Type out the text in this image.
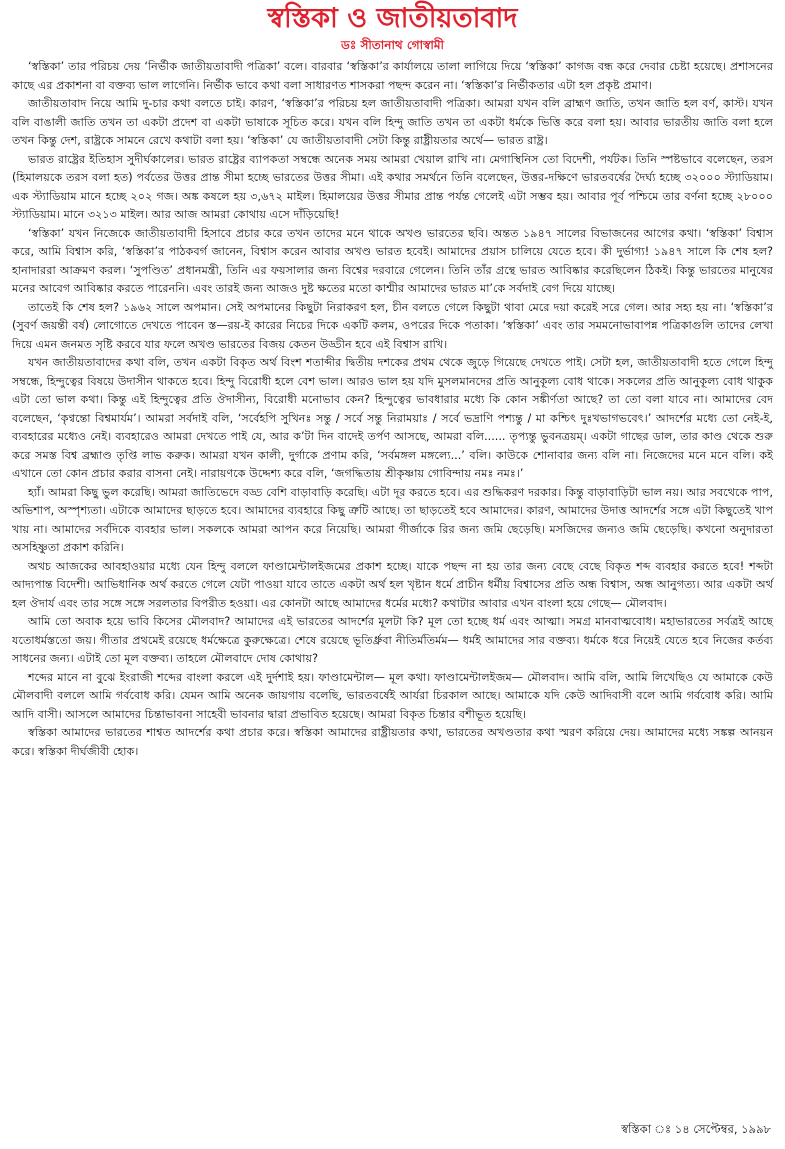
স্বস্তিকা ও জাতীয়তাবাদ
ডঃ সীতানাথ গোস্বামী

‘স্বস্তিকা’ তার পরিচয় দেয় ‘নির্ভীক জাতীয়তাবাদী পত্রিকা’ বলে। বারবার ‘স্বস্তিকা’র কার্যালয়ে তালা লাগিয়ে দিয়ে ‘স্বস্তিকা’ কাগজ বন্ধ করে দেবার চেষ্টা হয়েছে। প্রশাসনের কাছে এর প্রকাশনা বা বক্তব্য ভাল লাগেনি। নির্ভীক ভাবে কথা বলা সাধারণত শাসকরা পছন্দ করেন না। ‘স্বস্তিকা’র নির্ভীকতার এটা হল প্রকৃষ্ট প্রমাণ।

জাতীয়তাবাদ নিয়ে আমি দু-চার কথা বলতে চাই। কারণ, ‘স্বস্তিকা’র পরিচয় হল জাতীয়তাবাদী পত্রিকা। আমরা যখন বলি ব্রাহ্মণ জাতি, তখন জাতি হল বর্ণ, কাস্ট। যখন বলি বাঙালী জাতি তখন তা একটা প্রদেশ বা একটা ভাষাকে সূচিত করে। যখন বলি হিন্দু জাতি তখন তা একটা ধর্মকে ভিত্তি করে বলা হয়। আবার ভারতীয় জাতি বলা হলে তখন কিন্তু দেশ, রাষ্ট্রকে সামনে রেখে কথাটা বলা হয়। ‘স্বস্তিকা’ যে জাতীয়তাবাদী সেটা কিন্তু রাষ্ট্রীয়তার অর্থে— ভারত রাষ্ট্র।

ভারত রাষ্ট্রের ইতিহাস সুদীর্ঘকালের। ভারত রাষ্ট্রের ব্যাপকতা সম্বন্ধে অনেক সময় আমরা খেয়াল রাখি না। মেগাস্থিনিস তো বিদেশী, পর্যটক। তিনি স্পষ্টভাবে বলেছেন, তরস (হিমালয়কে তরস বলা হত) পর্বতের উত্তর প্রান্ত সীমা হচ্ছে ভারতের উত্তর সীমা। এই কথার সমর্থনে তিনি বলেছেন, উত্তর-দক্ষিণে ভারতবর্ষের দৈর্ঘ্য হচ্ছে ৩২০০০ স্ট্যাডিয়াম। এক স্ট্যাডিয়াম মানে হচ্ছে ২০২ গজ। অঙ্ক কষলে হয় ৩,৬৭২ মাইল। হিমালয়ের উত্তর সীমার প্রান্ত পর্যন্ত গেলেই এটা সম্ভব হয়। আবার পূর্ব পশ্চিমে তার বর্ণনা হচ্ছে ২৮০০০ স্ট্যাডিয়াম। মানে ৩২১৩ মাইল। আর আজ আমরা কোথায় এসে দাঁড়িয়েছি!

‘স্বস্তিকা’ যখন নিজেকে জাতীয়তাবাদী হিসাবে প্রচার করে তখন তাদের মনে থাকে অখণ্ড ভারতের ছবি। অন্তত ১৯৪৭ সালের বিভাজনের আগের কথা। ‘স্বস্তিকা’ বিশ্বাস করে, আমি বিশ্বাস করি, ‘স্বস্তিকা’র পাঠকবর্গ জানেন, বিশ্বাস করেন আবার অখণ্ড ভারত হবেই। আমাদের প্রয়াস চালিয়ে যেতে হবে। কী দুর্ভাগ্য! ১৯৪৭ সালে কি শেষ হল? হানাদাররা আক্রমণ করল। ‘সুপণ্ডিত’ প্রধানমন্ত্রী, তিনি এর ফয়সালার জন্য বিশ্বের দরবারে গেলেন। তিনি তাঁর গ্রন্থে ভারত আবিষ্কার করেছিলেন ঠিকই। কিন্তু ভারতের মানুষের মনের আবেগ আবিষ্কার করতে পারেননি। এবং তারই জন্য আজও দুষ্ট ক্ষতের মতো কাশ্মীর আমাদের ভারত মা’কে সর্বদাই বেগ দিয়ে যাচ্ছে।

তাতেই কি শেষ হল? ১৯৬২ সালে অপমান। সেই অপমানের কিছুটা নিরাকরণ হল, চীন বলতে গেলে কিছুটা থাবা মেরে দয়া করেই সরে গেল। আর সহ্য হয় না। ‘স্বস্তিকা’র (সুবর্ণ জয়ন্তী বর্ষ) লোগোতে দেখতে পাবেন স্ত—রয়-ই কারের নিচের দিকে একটি কলম, ওপরের দিকে পতাকা। ‘স্বস্তিকা’ এবং তার সমমনোভাবাপন্ন পত্রিকাগুলি তাদের লেখা দিয়ে এমন জনমত সৃষ্টি করবে যার ফলে অখণ্ড ভারতের বিজয় কেতন উড্ডীন হবে এই বিশ্বাস রাখি।

যখন জাতীয়তাবাদের কথা বলি, তখন একটা বিকৃত অর্থ বিংশ শতাব্দীর দ্বিতীয় দশকের প্রথম থেকে জুড়ে গিয়েছে দেখতে পাই। সেটা হল, জাতীয়তাবাদী হতে গেলে হিন্দু সম্বন্ধে, হিন্দুত্বের বিষয়ে উদাসীন থাকতে হবে। হিন্দু বিরোধী হলে বেশ ভাল। আরও ভাল হয় যদি মুসলমানদের প্রতি আনুকূল্য বোধ থাকে। সকলের প্রতি আনুকূল্য বোধ থাকুক এটা তো ভাল কথা। কিন্তু এই হিন্দুত্বের প্রতি ঔদাসীন্য, বিরোধী মনোভাব কেন? হিন্দুত্বের ভাবধারার মধ্যে কি কোন সঙ্কীর্ণতা আছে? তা তো বলা যাবে না। আমাদের বেদ বলেছেন, ‘কৃণ্বন্তো বিশ্বমার্যম’। আমরা সর্বদাই বলি, ‘সর্বেহপি সুখিনঃ সন্তু / সর্বে সন্তু নিরাময়াঃ / সর্বে ভদ্রাণি পশ্যন্তু / মা কশ্চিৎ দুঃখভাগভবেৎ।’ আদর্শের মধ্যে তো নেই-ই, ব্যবহারের মধ্যেও নেই। ব্যবহারেও আমরা দেখতে পাই যে, আর ক’টা দিন বাদেই তর্পণ আসছে, আমরা বলি...... তৃপ্যন্তু ভুবনত্রয়ম্। একটা গাছের ডাল, তার কাণ্ড থেকে শুরু করে সমস্ত বিশ্ব ব্রহ্মাণ্ড তৃপ্তি লাভ করুক। আমরা যখন কালী, দুর্গাকে প্রণাম করি, ‘সর্বমঙ্গল মঙ্গল্যে...’ বলি। কাউকে শোনাবার জন্য বলি না। নিজেদের মনে মনে বলি। কই এখানে তো কোন প্রচার করার বাসনা নেই। নারায়ণকে উদ্দেশ্য করে বলি, ‘জগদ্ধিতায় শ্রীকৃষ্ণায় গোবিন্দায় নমঃ নমঃ।’

হ্যাঁ। আমরা কিছু ভুল করেছি। আমরা জাতিভেদে বড্ড বেশি বাড়াবাড়ি করেছি। এটা দূর করতে হবে। এর শুদ্ধিকরণ দরকার। কিন্তু বাড়াবাড়িটা ভাল নয়। আর সবথেকে পাপ, অভিশাপ, অস্পৃশ্যতা। এটাকে আমাদের ছাড়তে হবে। আমাদের ব্যবহারে কিছু ত্রুটি আছে। তা ছাড়তেই হবে আমাদের। কারণ, আমাদের উদাত্ত আদর্শের সঙ্গে এটা কিছুতেই খাপ খায় না। আমাদের সর্বদিকে ব্যবহার ভাল। সকলকে আমরা আপন করে নিয়েছি। আমরা গীর্জাকে রির জন্য জমি ছেড়েছি। মসজিদের জন্যও জমি ছেড়েছি। কখনো অনুদারতা অসহিষ্ণুতা প্রকাশ করিনি।

অথচ আজকের আবহাওয়ার মধ্যে যেন হিন্দু বললে ফাণ্ডামেন্টালইজমের প্রকাশ হচ্ছে। যাকে পছন্দ না হয় তার জন্য বেছে বেছে বিকৃত শব্দ ব্যবহার করতে হবে! শব্দটা আদ্যপান্ত বিদেশী। আভিধানিক অর্থ করতে গেলে যেটা পাওয়া যাবে তাতে একটা অর্থ হল খৃষ্টান ধর্মে প্রাচীন ধর্মীয় বিশ্বাসের প্রতি অন্ধ বিশ্বাস, অন্ধ আনুগত্য। আর একটা অর্থ হল ঔদার্য এবং তার সঙ্গে সঙ্গে সরলতার বিপরীত হওয়া। এর কোনটা আছে আমাদের ধর্মের মধ্যে? কথাটার আবার এখন বাংলা হয়ে গেছে— মৌলবাদ।

আমি তো অবাক হয়ে ভাবি কিসের মৌলবাদ? আমাদের এই ভারতের আদর্শের মূলটা কি? মূল তো হচ্ছে ধর্ম এবং আত্মা। সমগ্র মানবাত্মবোধ। মহাভারতের সর্বত্রই আছে যতোধর্মস্ততো জয়। গীতার প্রথমেই রয়েছে ধর্মক্ষেত্রে কুরুক্ষেত্রে। শেষে রয়েছে ভূতির্ধ্রুবা নীতির্মতির্মম— ধর্মই আমাদের সার বক্তব্য। ধর্মকে ধরে নিয়েই যেতে হবে নিজের কর্তব্য সাধনের জন্য। এটাই তো মূল বক্তব্য। তাহলে মৌলবাদে দোষ কোথায়?

শব্দের মানে না বুঝে ইংরাজী শব্দের বাংলা করলে এই দুর্দশাই হয়। ফাণ্ডামেন্টাল— মূল কথা। ফাণ্ডামেন্টালইজম— মৌলবাদ। আমি বলি, আমি লিখেছিও যে আমাকে কেউ মৌলবাদী বললে আমি গর্ববোধ করি। যেমন আমি অনেক জায়গায় বলেছি, ভারতবর্ষেই আর্যরা চিরকাল আছে। আমাকে যদি কেউ আদিবাসী বলে আমি গর্ববোধ করি। আমি আদি বাসী। আসলে আমাদের চিন্তাভাবনা সাহেবী ভাবনার দ্বারা প্রভাবিত হয়েছে। আমরা বিকৃত চিন্তার বশীভূত হয়েছি।

স্বস্তিকা আমাদের ভারতের শাশ্বত আদর্শের কথা প্রচার করে। স্বস্তিকা আমাদের রাষ্ট্রীয়তার কথা, ভারতের অখণ্ডতার কথা স্মরণ করিয়ে দেয়। আমাদের মধ্যে সঙ্কল্প আনয়ন করে। স্বস্তিকা দীর্ঘজীবী হোক।

স্বস্তিকা ঃ ১৪ সেপ্টেম্বর, ১৯৯৮
